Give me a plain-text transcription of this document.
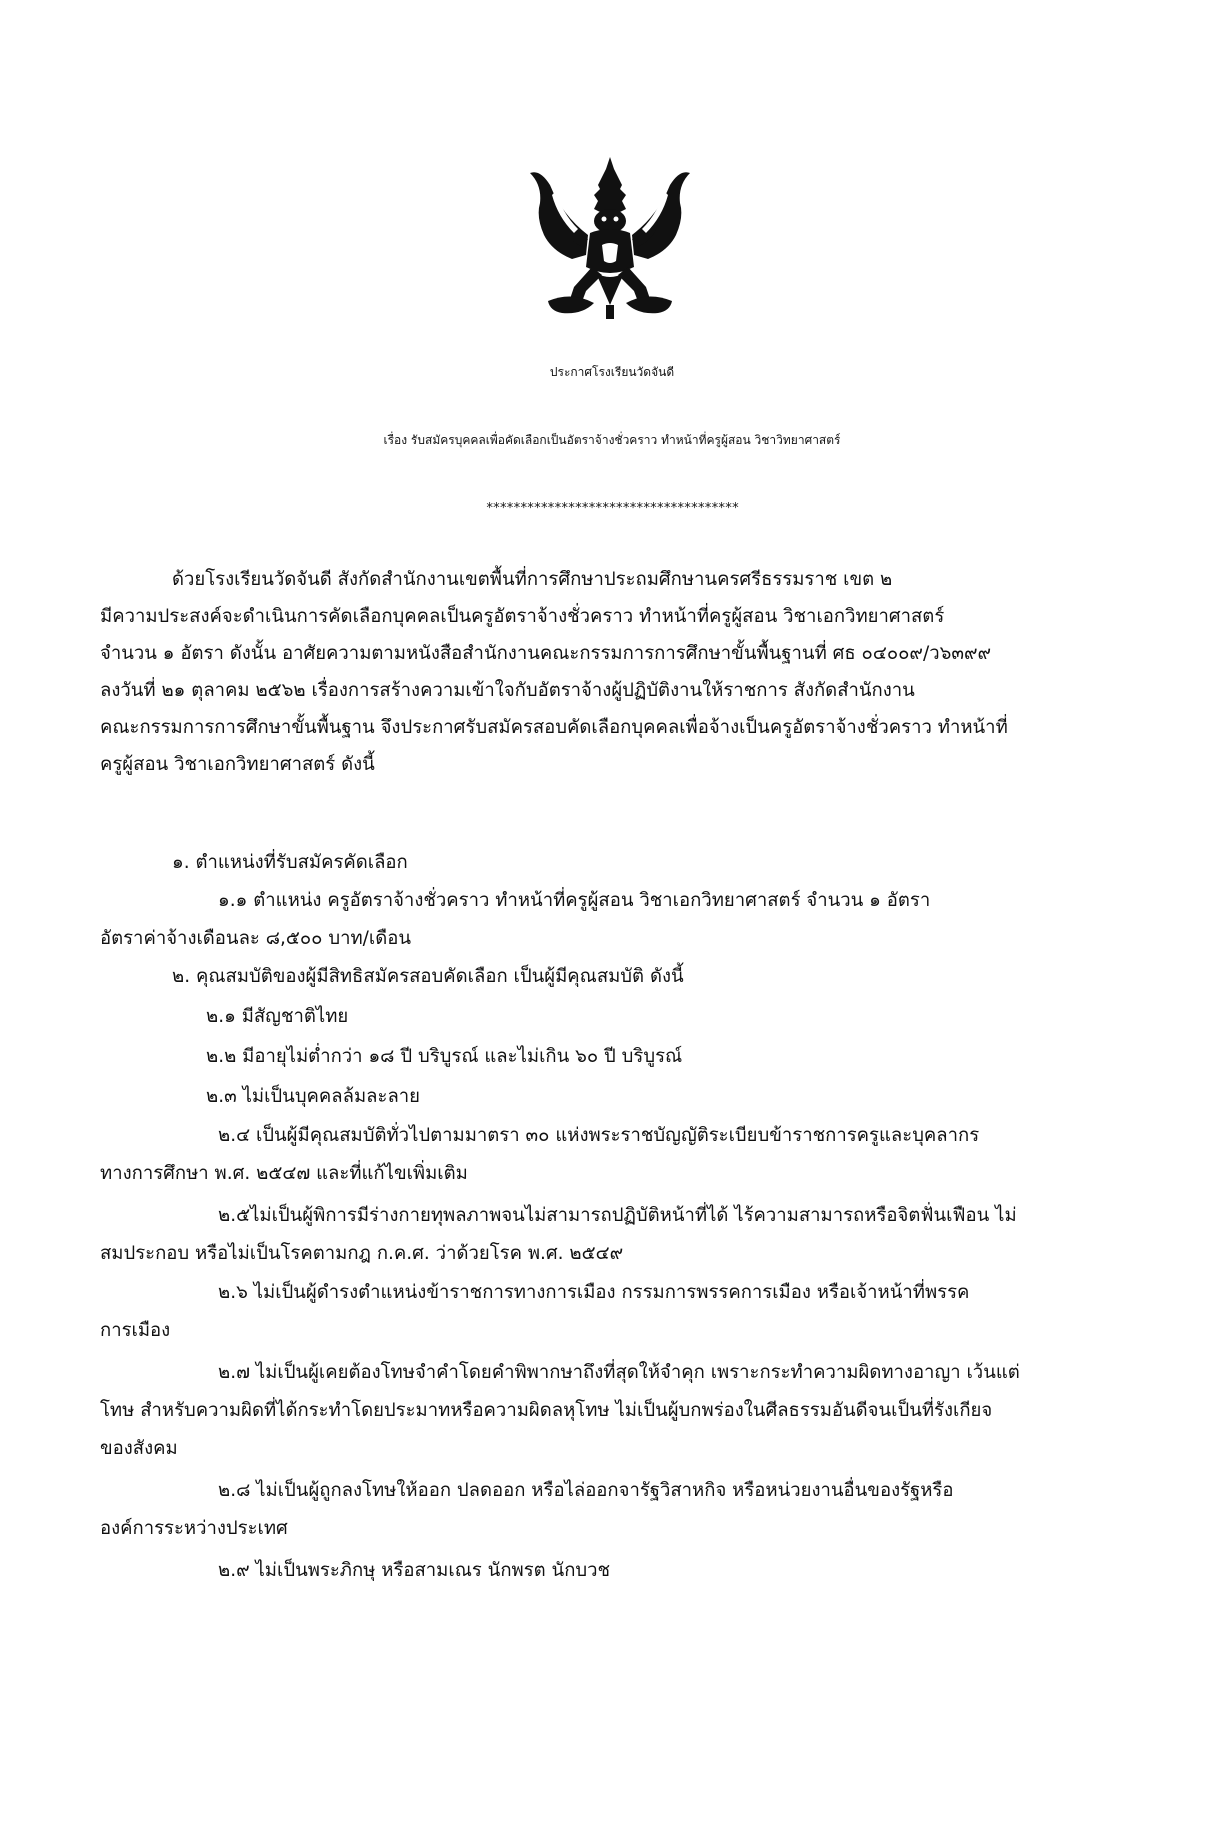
ประกาศโรงเรียนวัดจันดี
เรื่อง รับสมัครบุคคลเพื่อคัดเลือกเป็นอัตราจ้างชั่วคราว ทำหน้าที่ครูผู้สอน วิชาวิทยาศาสตร์
*************************************
ด้วยโรงเรียนวัดจันดี สังกัดสำนักงานเขตพื้นที่การศึกษาประถมศึกษานครศรีธรรมราช เขต ๒
มีความประสงค์จะดำเนินการคัดเลือกบุคคลเป็นครูอัตราจ้างชั่วคราว ทำหน้าที่ครูผู้สอน วิชาเอกวิทยาศาสตร์
จำนวน ๑ อัตรา ดังนั้น อาศัยความตามหนังสือสำนักงานคณะกรรมการการศึกษาขั้นพื้นฐานที่ ศธ ๐๔๐๐๙/ว๖๓๙๙
ลงวันที่ ๒๑ ตุลาคม ๒๕๖๒ เรื่องการสร้างความเข้าใจกับอัตราจ้างผู้ปฏิบัติงานให้ราชการ สังกัดสำนักงาน
คณะกรรมการการศึกษาขั้นพื้นฐาน จึงประกาศรับสมัครสอบคัดเลือกบุคคลเพื่อจ้างเป็นครูอัตราจ้างชั่วคราว ทำหน้าที่
ครูผู้สอน วิชาเอกวิทยาศาสตร์ ดังนี้
๑. ตำแหน่งที่รับสมัครคัดเลือก
๑.๑ ตำแหน่ง ครูอัตราจ้างชั่วคราว ทำหน้าที่ครูผู้สอน วิชาเอกวิทยาศาสตร์ จำนวน ๑ อัตรา
อัตราค่าจ้างเดือนละ ๘,๕๐๐ บาท/เดือน
๒. คุณสมบัติของผู้มีสิทธิสมัครสอบคัดเลือก เป็นผู้มีคุณสมบัติ ดังนี้
๒.๑ มีสัญชาติไทย
๒.๒ มีอายุไม่ต่ำกว่า ๑๘ ปี บริบูรณ์ และไม่เกิน ๖๐ ปี บริบูรณ์
๒.๓ ไม่เป็นบุคคลล้มละลาย
๒.๔ เป็นผู้มีคุณสมบัติทั่วไปตามมาตรา ๓๐ แห่งพระราชบัญญัติระเบียบข้าราชการครูและบุคลากร
ทางการศึกษา พ.ศ. ๒๕๔๗ และที่แก้ไขเพิ่มเติม
๒.๕ไม่เป็นผู้พิการมีร่างกายทุพลภาพจนไม่สามารถปฏิบัติหน้าที่ได้ ไร้ความสามารถหรือจิตฟั่นเฟือน ไม่
สมประกอบ หรือไม่เป็นโรคตามกฎ ก.ค.ศ. ว่าด้วยโรค พ.ศ. ๒๕๔๙
๒.๖ ไม่เป็นผู้ดำรงตำแหน่งข้าราชการทางการเมือง กรรมการพรรคการเมือง หรือเจ้าหน้าที่พรรค
การเมือง
๒.๗ ไม่เป็นผู้เคยต้องโทษจำคำโดยคำพิพากษาถึงที่สุดให้จำคุก เพราะกระทำความผิดทางอาญา เว้นแต่
โทษ สำหรับความผิดที่ได้กระทำโดยประมาทหรือความผิดลหุโทษ ไม่เป็นผู้บกพร่องในศีลธรรมอันดีจนเป็นที่รังเกียจ
ของสังคม
๒.๘ ไม่เป็นผู้ถูกลงโทษให้ออก ปลดออก หรือไล่ออกจารัฐวิสาหกิจ หรือหน่วยงานอื่นของรัฐหรือ
องค์การระหว่างประเทศ
๒.๙ ไม่เป็นพระภิกษุ หรือสามเณร นักพรต นักบวช
